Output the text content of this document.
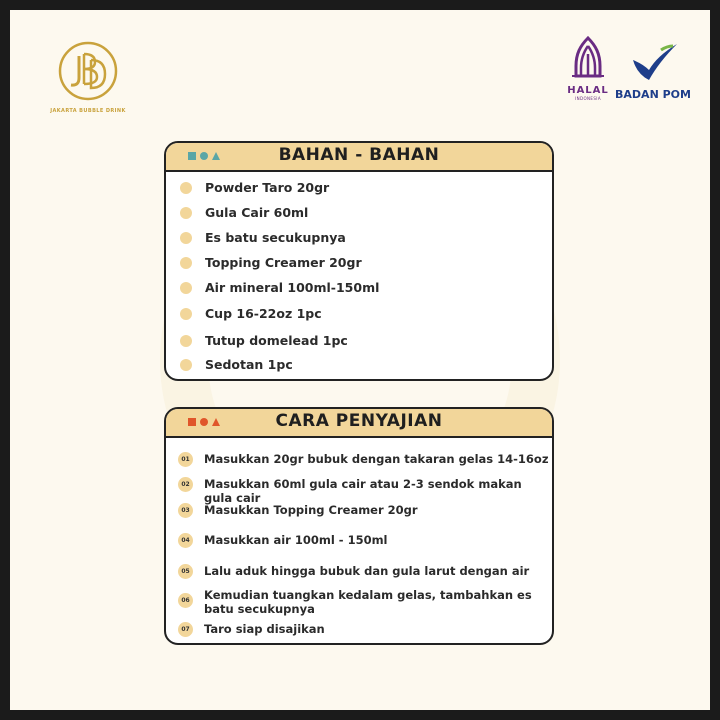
JAKARTA BUBBLE DRINK
HALAL
INDONESIA	BADAN POM
BAHAN - BAHAN
Powder Taro 20gr
Gula Cair 60ml
Es batu secukupnya
Topping Creamer 20gr
Air mineral 100ml-150ml
Cup 16-22oz 1pc
Tutup domelead 1pc
Sedotan 1pc
CARA PENYAJIAN
01 Masukkan 20gr bubuk dengan takaran gelas 14-16oz
02 Masukkan 60ml gula cair atau 2-3 sendok makan gula cair
03 Masukkan Topping Creamer 20gr
04 Masukkan air 100ml - 150ml
05 Lalu aduk hingga bubuk dan gula larut dengan air
06 Kemudian tuangkan kedalam gelas, tambahkan es batu secukupnya
07 Taro siap disajikan
